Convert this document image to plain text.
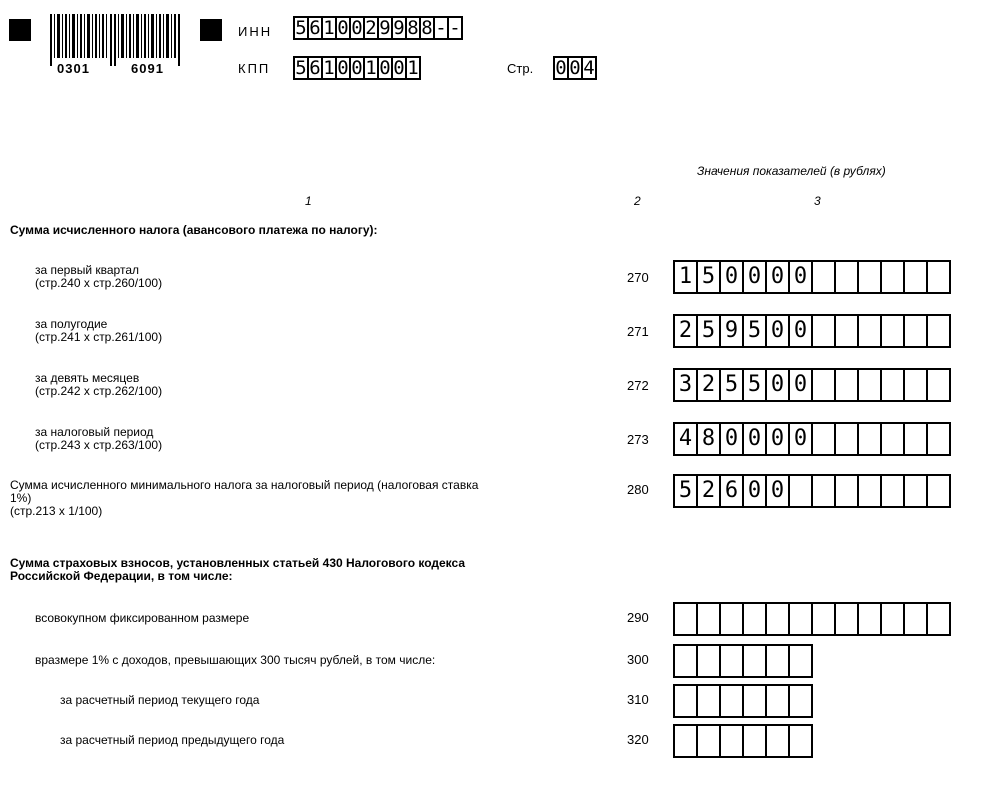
0301	6091
ИНН 5 6 1 0 0 2 9 9 8 8 - -
КПП 5 6 1 0 0 1 0 0 1	Стр. 0 0 4
Значения показателей (в рублях)
1	2	3
Сумма исчисленного налога (авансового платежа по налогу):
за первый квартал
(стр.240 х стр.260/100)	270 1 5 0 0 0 0
за полугодие
(стр.241 х стр.261/100)	271 2 5 9 5 0 0
за девять месяцев
(стр.242 х стр.262/100)	272 3 2 5 5 0 0
за налоговый период
(стр.243 х стр.263/100)	273 4 8 0 0 0 0
Сумма исчисленного минимального налога за налоговый период (налоговая ставка
1%)
(стр.213 х 1/100)
280 5 2 6 0 0
Сумма страховых взносов, установленных статьей 430 Налогового кодекса
Российской Федерации, в том числе:
всовокупном фиксированном размере	290
вразмере 1% с доходов, превышающих 300 тысяч рублей, в том числе:	300
за расчетный период текущего года	310
за расчетный период предыдущего года	320
